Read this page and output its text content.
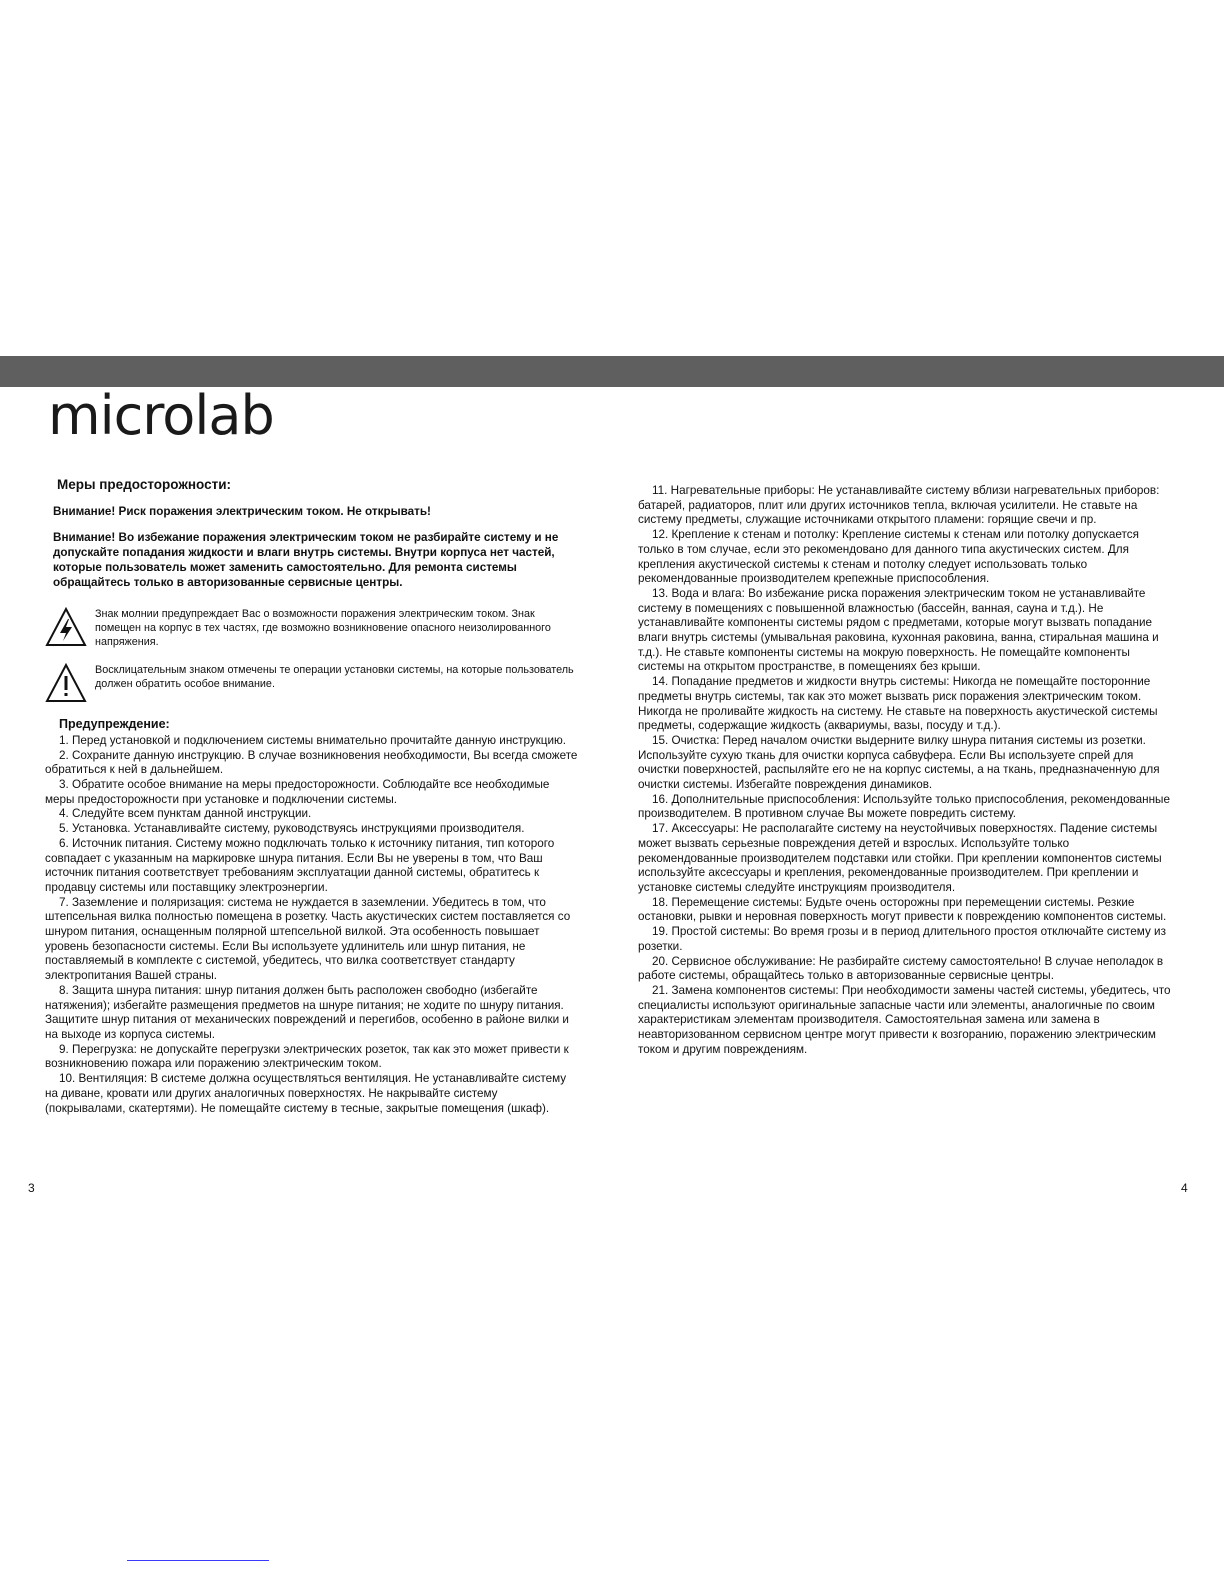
microlab
Меры предосторожности:
Внимание! Риск поражения электрическим током. Не открывать!
Внимание! Во избежание поражения электрическим током не разбирайте систему и не допускайте попадания жидкости и влаги внутрь системы. Внутри корпуса нет частей, которые пользователь может заменить самостоятельно. Для ремонта системы обращайтесь только в авторизованные сервисные центры.
Знак молнии предупреждает Вас о возможности поражения электрическим током. Знак помещен на корпус в тех частях, где возможно возникновение опасного неизолированного напряжения.
Восклицательным знаком отмечены те операции установки системы, на которые пользователь должен обратить особое внимание.
Предупреждение:

1. Перед установкой и подключением системы внимательно прочитайте данную инструкцию.

2. Сохраните данную инструкцию. В случае возникновения необходимости, Вы всегда сможете обратиться к ней в дальнейшем.

3. Обратите особое внимание на меры предосторожности. Соблюдайте все необходимые меры предосторожности при установке и подключении системы.

4. Следуйте всем пунктам данной инструкции.

5. Установка. Устанавливайте систему, руководствуясь инструкциями производителя.

6. Источник питания. Систему можно подключать только к источнику питания, тип которого совпадает с указанным на маркировке шнура питания. Если Вы не уверены в том, что Ваш источник питания соответствует требованиям эксплуатации данной системы, обратитесь к продавцу системы или поставщику электроэнергии.

7. Заземление и поляризация: система не нуждается в заземлении. Убедитесь в том, что штепсельная вилка полностью помещена в розетку. Часть акустических систем поставляется со шнуром питания, оснащенным полярной штепсельной вилкой. Эта особенность повышает уровень безопасности системы. Если Вы используете удлинитель или шнур питания, не поставляемый в комплекте с системой, убедитесь, что вилка соответствует стандарту электропитания Вашей страны.

8. Защита шнура питания: шнур питания должен быть расположен свободно (избегайте натяжения); избегайте размещения предметов на шнуре питания; не ходите по шнуру питания. Защитите шнур питания от механических повреждений и перегибов, особенно в районе вилки и на выходе из корпуса системы.

9. Перегрузка: не допускайте перегрузки электрических розеток, так как это может привести к возникновению пожара или поражению электрическим током.

10. Вентиляция: В системе должна осуществляться вентиляция. Не устанавливайте систему на диване, кровати или других аналогичных поверхностях. Не накрывайте систему (покрывалами, скатертями). Не помещайте систему в тесные, закрытые помещения (шкаф).

11. Нагревательные приборы: Не устанавливайте систему вблизи нагревательных приборов: батарей, радиаторов, плит или других источников тепла, включая усилители. Не ставьте на систему предметы, служащие источниками открытого пламени: горящие свечи и пр.

12. Крепление к стенам и потолку: Крепление системы к стенам или потолку допускается только в том случае, если это рекомендовано для данного типа акустических систем. Для крепления акустической системы к стенам и потолку следует использовать только рекомендованные производителем крепежные приспособления.

13. Вода и влага: Во избежание риска поражения электрическим током не устанавливайте систему в помещениях с повышенной влажностью (бассейн, ванная, сауна и т.д.). Не устанавливайте компоненты системы рядом с предметами, которые могут вызвать попадание влаги внутрь системы (умывальная раковина, кухонная раковина, ванна, стиральная машина и т.д.). Не ставьте компоненты системы на мокрую поверхность. Не помещайте компоненты системы на открытом пространстве, в помещениях без крыши.

14. Попадание предметов и жидкости внутрь системы: Никогда не помещайте посторонние предметы внутрь системы, так как это может вызвать риск поражения электрическим током. Никогда не проливайте жидкость на систему. Не ставьте на поверхность акустической системы предметы, содержащие жидкость (аквариумы, вазы, посуду и т.д.).

15. Очистка: Перед началом очистки выдерните вилку шнура питания системы из розетки. Используйте сухую ткань для очистки корпуса сабвуфера. Если Вы используете спрей для очистки поверхностей, распыляйте его не на корпус системы, а на ткань, предназначенную для очистки системы. Избегайте повреждения динамиков.

16. Дополнительные приспособления: Используйте только приспособления, рекомендованные производителем. В противном случае Вы можете повредить систему.

17. Аксессуары: Не располагайте систему на неустойчивых поверхностях. Падение системы может вызвать серьезные повреждения детей и взрослых. Используйте только рекомендованные производителем подставки или стойки. При креплении компонентов системы используйте аксессуары и крепления, рекомендованные производителем. При креплении и установке системы следуйте инструкциям производителя.

18. Перемещение системы: Будьте очень осторожны при перемещении системы. Резкие остановки, рывки и неровная поверхность могут привести к повреждению компонентов системы.

19. Простой системы: Во время грозы и в период длительного простоя отключайте систему из розетки.

20. Сервисное обслуживание: Не разбирайте систему самостоятельно! В случае неполадок в работе системы, обращайтесь только в авторизованные сервисные центры.

21. Замена компонентов системы: При необходимости замены частей системы, убедитесь, что специалисты используют оригинальные запасные части или элементы, аналогичные по своим характеристикам элементам производителя. Самостоятельная замена или замена в неавторизованном сервисном центре могут привести к возгоранию, поражению электрическим током и другим повреждениям.

3	4
